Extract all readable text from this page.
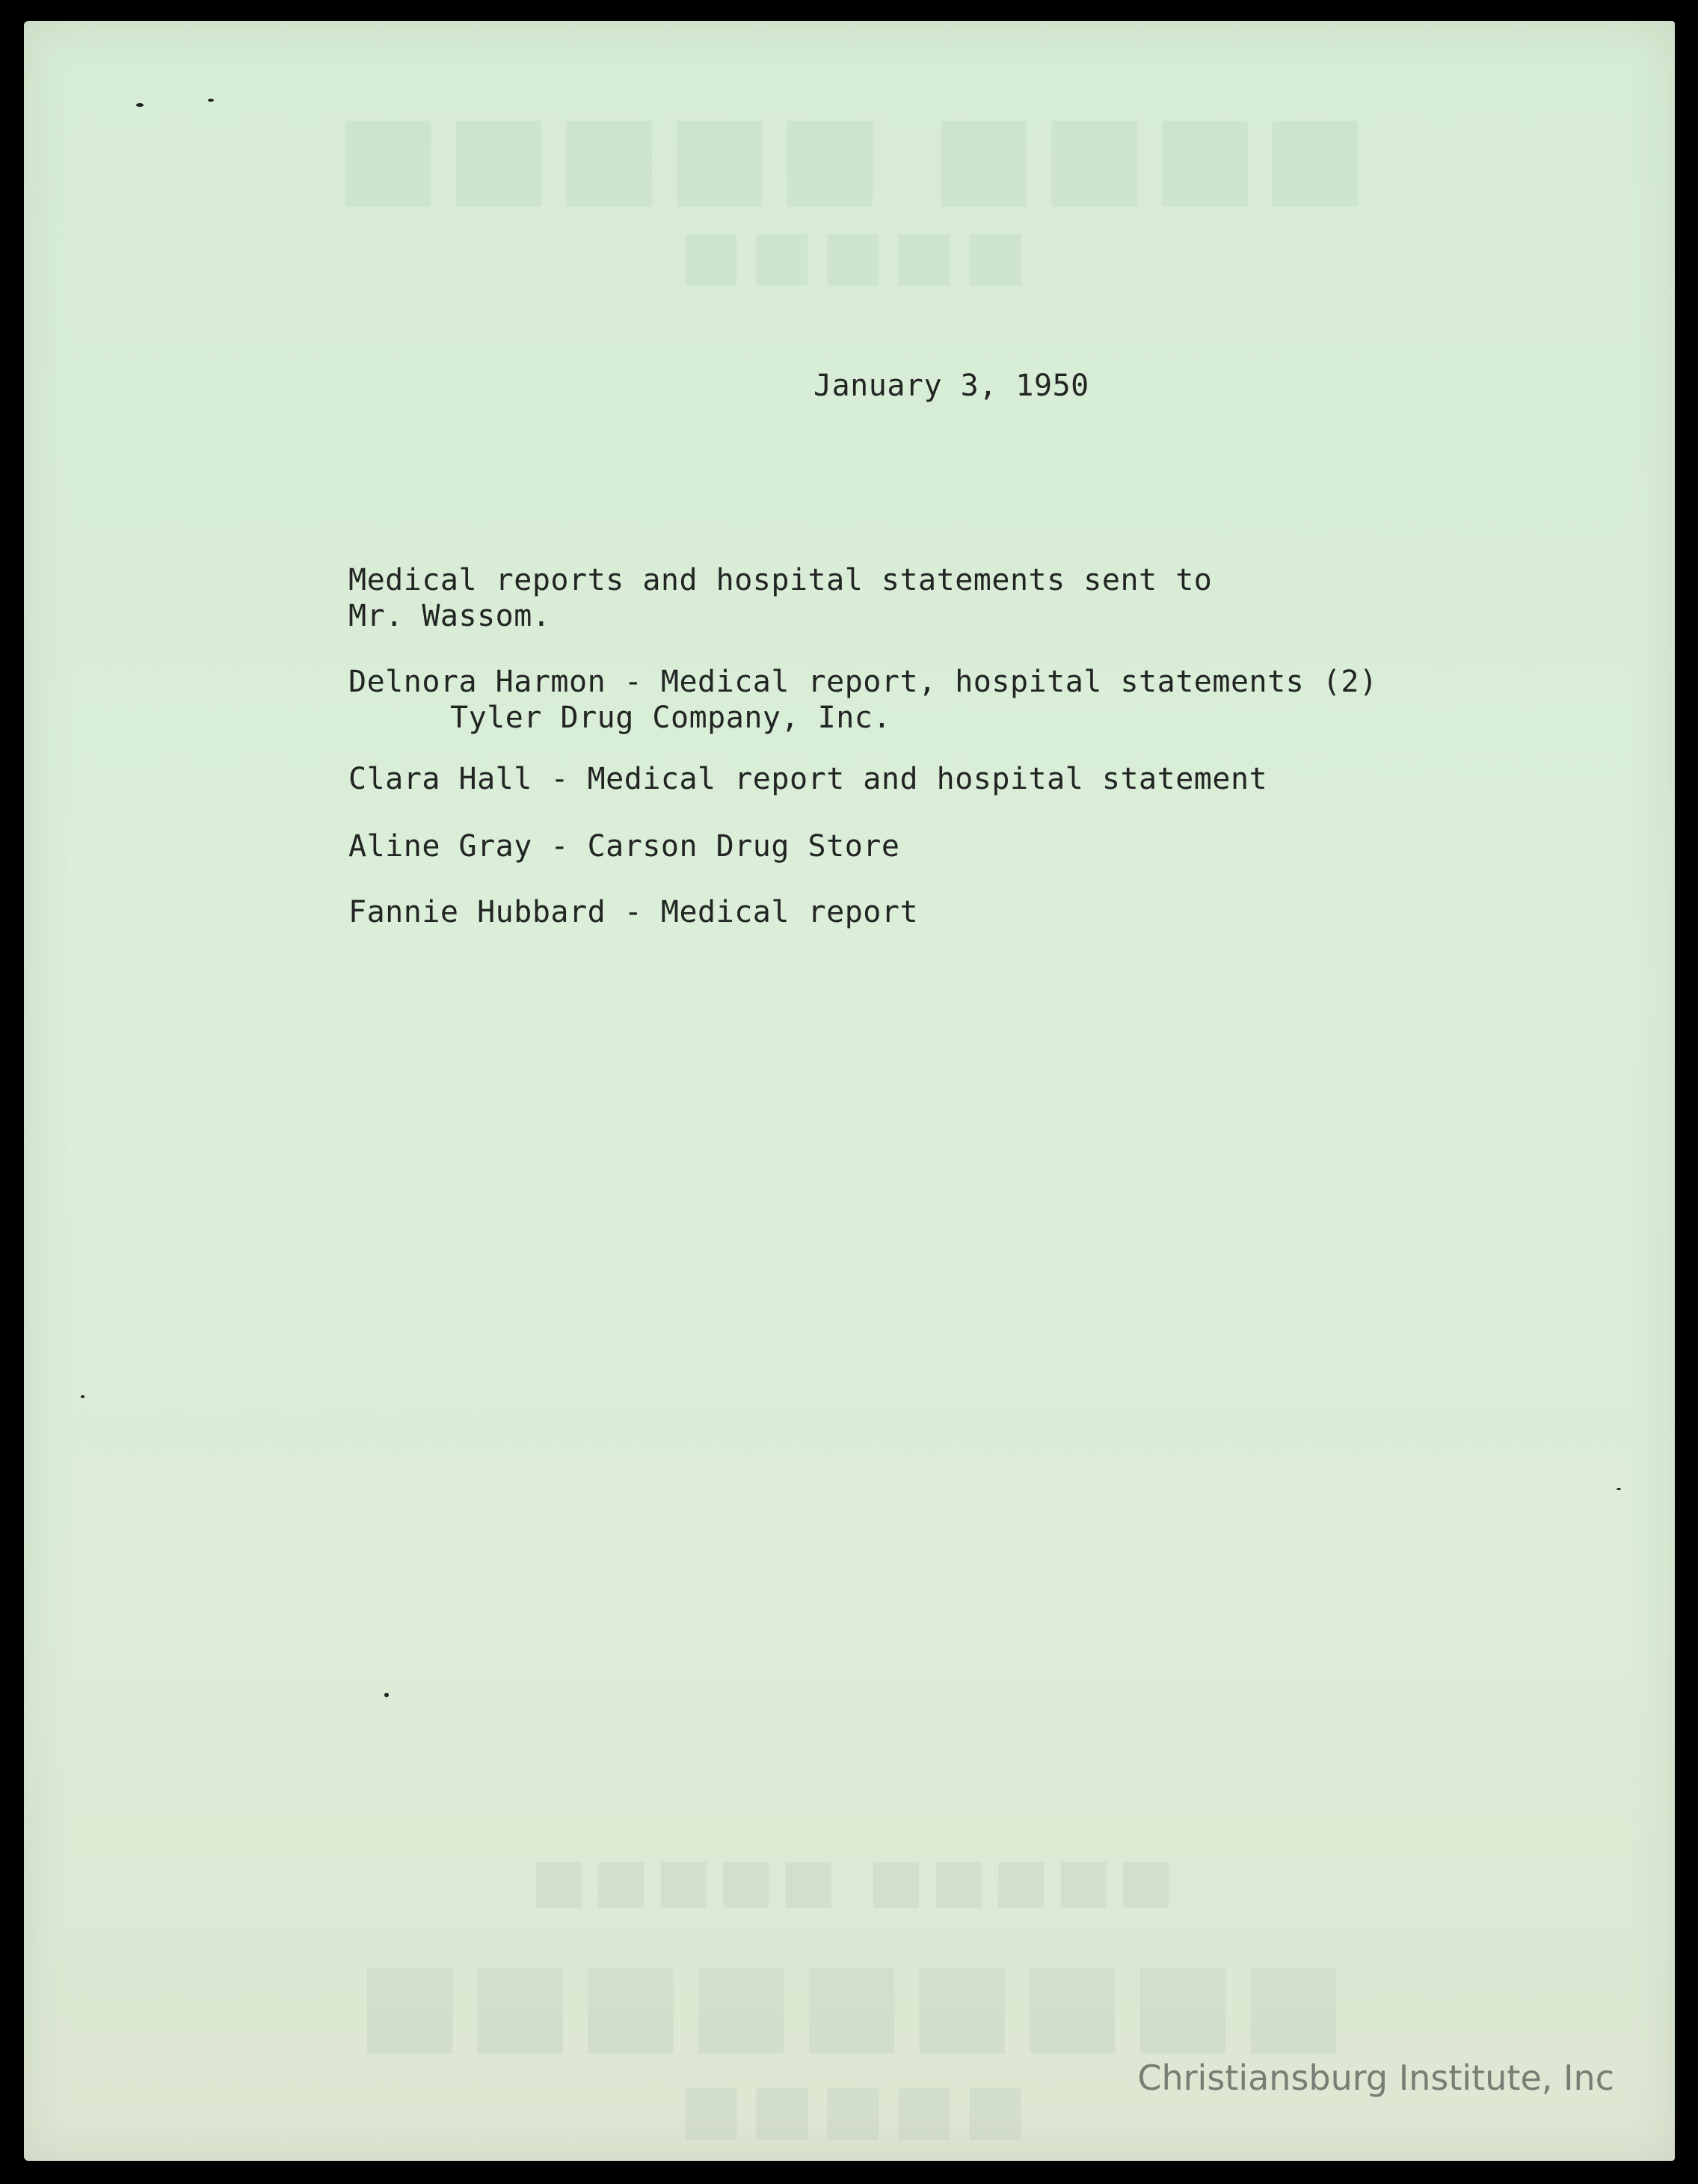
■■■■ ■■■■■
■■■■■
■■■■■ ■■■■■
■■■■■■■■■
■■■■■
January 3, 1950
Medical reports and hospital statements sent to
Mr. Wassom.
Delnora Harmon - Medical report, hospital statements (2)
Tyler Drug Company, Inc.
Clara Hall - Medical report and hospital statement
Aline Gray - Carson Drug Store
Fannie Hubbard - Medical report
Christiansburg Institute, Inc
